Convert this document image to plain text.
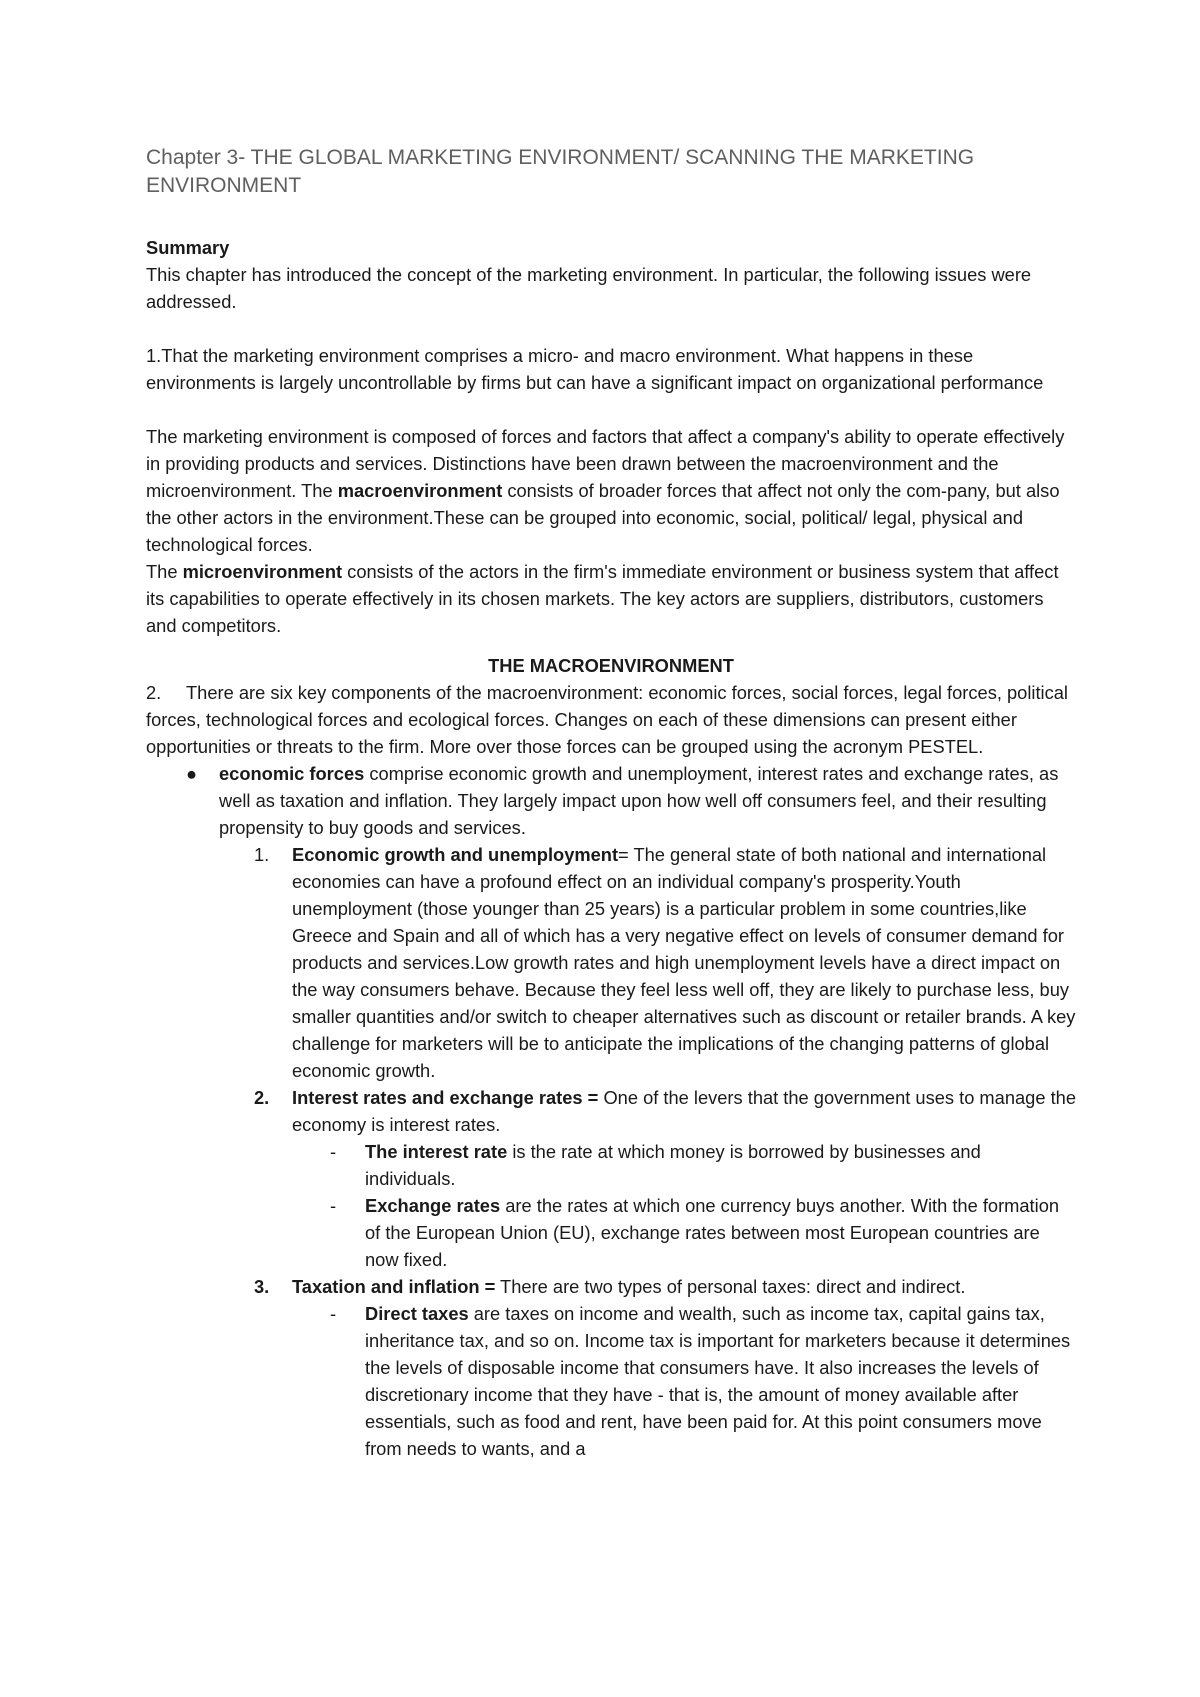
Chapter 3- THE GLOBAL MARKETING ENVIRONMENT/ SCANNING THE MARKETING ENVIRONMENT

Summary

This chapter has introduced the concept of the marketing environment. In particular, the following issues were addressed.

1.That the marketing environment comprises a micro- and macro environment. What happens in these environments is largely uncontrollable by firms but can have a significant impact on organizational performance

The marketing environment is composed of forces and factors that affect a company's ability to operate effectively in providing products and services. Distinctions have been drawn between the macroenvironment and the microenvironment. The macroenvironment consists of broader forces that affect not only the com-pany, but also the other actors in the environment.These can be grouped into economic, social, political/ legal, physical and technological forces.

The microenvironment consists of the actors in the firm's immediate environment or business system that affect its capabilities to operate effectively in its chosen markets. The key actors are suppliers, distributors, customers and competitors.

THE MACROENVIRONMENT

2. There are six key components of the macroenvironment: economic forces, social forces, legal forces, political forces, technological forces and ecological forces. Changes on each of these dimensions can present either opportunities or threats to the firm. More over those forces can be grouped using the acronym PESTEL.

● economic forces comprise economic growth and unemployment, interest rates and exchange rates, as well as taxation and inflation. They largely impact upon how well off consumers feel, and their resulting propensity to buy goods and services.
1. Economic growth and unemployment= The general state of both national and international economies can have a profound effect on an individual company's prosperity.Youth unemployment (those younger than 25 years) is a particular problem in some countries,like Greece and Spain and all of which has a very negative effect on levels of consumer demand for products and services.Low growth rates and high unemployment levels have a direct impact on the way consumers behave. Because they feel less well off, they are likely to purchase less, buy smaller quantities and/or switch to cheaper alternatives such as discount or retailer brands. A key challenge for marketers will be to anticipate the implications of the changing patterns of global economic growth.
2. Interest rates and exchange rates = One of the levers that the government uses to manage the economy is interest rates.
- The interest rate is the rate at which money is borrowed by businesses and individuals.
- Exchange rates are the rates at which one currency buys another. With the formation of the European Union (EU), exchange rates between most European countries are now fixed.
3. Taxation and inflation = There are two types of personal taxes: direct and indirect.
- Direct taxes are taxes on income and wealth, such as income tax, capital gains tax, inheritance tax, and so on. Income tax is important for marketers because it determines the levels of disposable income that consumers have. It also increases the levels of discretionary income that they have - that is, the amount of money available after essentials, such as food and rent, have been paid for. At this point consumers move from needs to wants, and a
